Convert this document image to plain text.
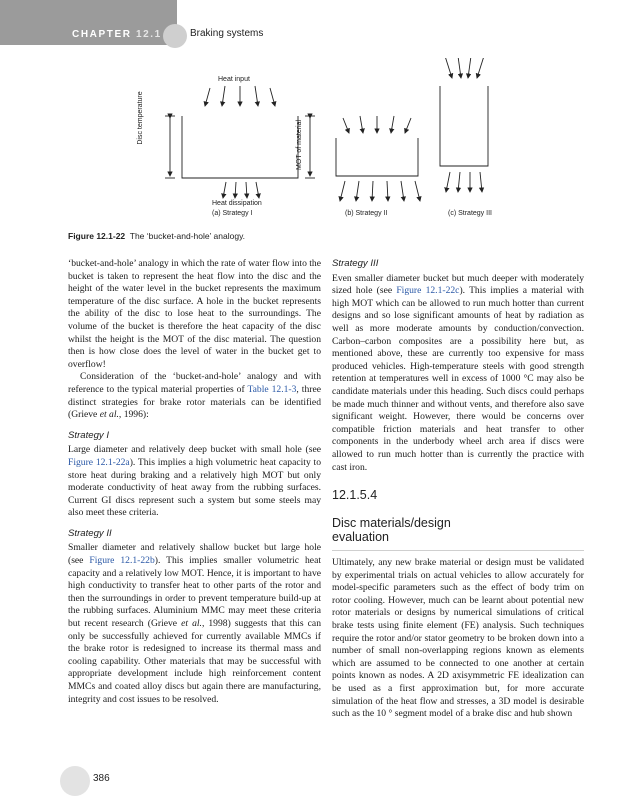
CHAPTER 12.1	Braking systems
Heat input
Disc temperature
MOT of material
Heat dissipation
(a) Strategy I	(b) Strategy II	(c) Strategy III
Figure 12.1-22 The ‘bucket-and-hole’ analogy.

‘bucket-and-hole’ analogy in which the rate of water flow into the bucket is taken to represent the heat flow into the disc and the height of the water level in the bucket represents the maximum temperature of the disc surface. A hole in the bucket represents the ability of the disc to lose heat to the surroundings. The volume of the bucket is therefore the heat capacity of the disc whilst the height is the MOT of the disc material. The question then is how close does the level of water in the bucket get to overflow!

Consideration of the ‘bucket-and-hole’ analogy and with reference to the typical material properties of Table 12.1-3, three distinct strategies for brake rotor materials can be identified (Grieve et al., 1996):

Strategy I

Large diameter and relatively deep bucket with small hole (see Figure 12.1-22a). This implies a high volumetric heat capacity to store heat during braking and a relatively high MOT but only moderate conductivity of heat away from the rubbing surfaces. Current GI discs represent such a system but some steels may also meet these criteria.

Strategy II

Smaller diameter and relatively shallow bucket but large hole (see Figure 12.1-22b). This implies smaller volumetric heat capacity and a relatively low MOT. Hence, it is important to have high conductivity to transfer heat to other parts of the rotor and then the surroundings in order to prevent temperature build-up at the rubbing surfaces. Aluminium MMC may meet these criteria but recent research (Grieve et al., 1998) suggests that this can only be successfully achieved for currently available MMCs if the brake rotor is redesigned to increase its thermal mass and cooling capability. Other materials that may be successful with appropriate development include high reinforcement content MMCs and coated alloy discs but again there are manufacturing, integrity and cost issues to be resolved.

Strategy III

Even smaller diameter bucket but much deeper with moderately sized hole (see Figure 12.1-22c). This implies a material with high MOT which can be allowed to run much hotter than current designs and so lose significant amounts of heat by radiation as well as more moderate amounts by conduction/convection. Carbon–carbon composites are a possibility here but, as mentioned above, these are currently too expensive for mass produced vehicles. High-temperature steels with good strength retention at temperatures well in excess of 1000 °C may also be candidate materials under this heading. Such discs could perhaps be made much thinner and without vents, and therefore also save significant weight. However, there would be concerns over compatible friction materials and heat transfer to other components in the underbody wheel arch area if discs were allowed to run much hotter than is currently the practice with cast iron.

12.1.5.4

Disc materials/design
evaluation

Ultimately, any new brake material or design must be validated by experimental trials on actual vehicles to allow accurately for model-specific parameters such as the effect of body trim on rotor cooling. However, much can be learnt about potential new rotor materials or designs by numerical simulations of critical brake tests using finite element (FE) analysis. Such techniques require the rotor and/or stator geometry to be broken down into a number of small non-overlapping regions known as elements which are assumed to be connected to one another at certain points known as nodes. A 2D axisymmetric FE idealization can be used as a first approximation but, for more accurate simulation of the heat flow and stresses, a 3D model is desirable such as the 10 ° segment model of a brake disc and hub shown

386
